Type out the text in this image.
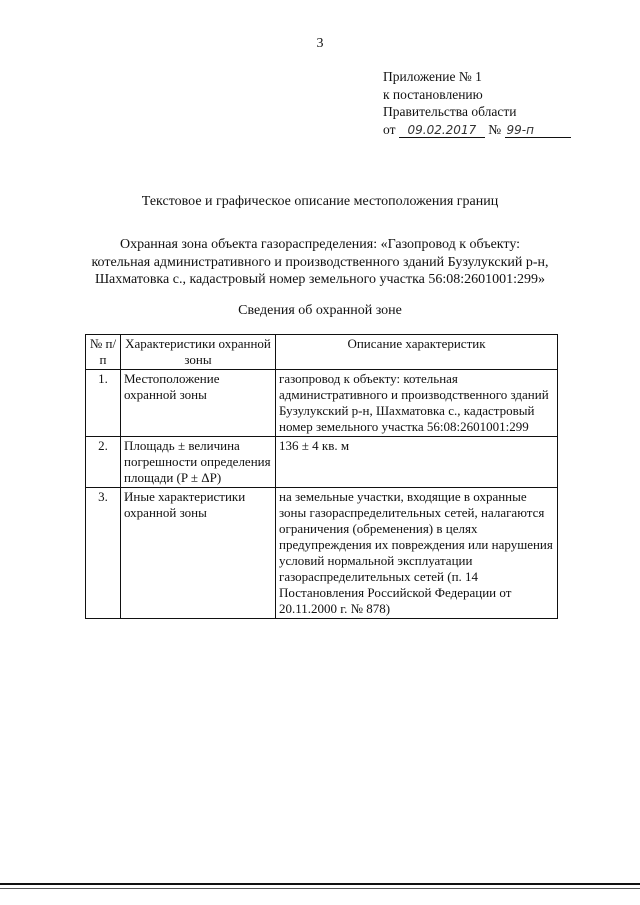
3
Приложение № 1
к постановлению
Правительства области
от 09.02.2017 № 99-п
Текстовое и графическое описание местоположения границ
Охранная зона объекта газораспределения: «Газопровод к объекту:
котельная административного и производственного зданий Бузулукский р-н,
Шахматовка с., кадастровый номер земельного участка 56:08:2601001:299»
Сведения об охранной зоне
№ п/п	Характеристики охранной зоны	Описание характеристик
1.	Местоположение охранной зоны	газопровод к объекту: котельная административного и производственного зданий Бузулукский р-н, Шахматовка с., кадастровый номер земельного участка 56:08:2601001:299
2.	Площадь ± величина погрешности определения площади (P ± ΔP)	136 ± 4 кв. м
3.	Иные характеристики охранной зоны	на земельные участки, входящие в охранные зоны газораспределительных сетей, налагаются ограничения (обременения) в целях предупреждения их повреждения или нарушения условий нормальной эксплуатации газораспределительных сетей (п. 14 Постановления Российской Федерации от 20.11.2000 г. № 878)
